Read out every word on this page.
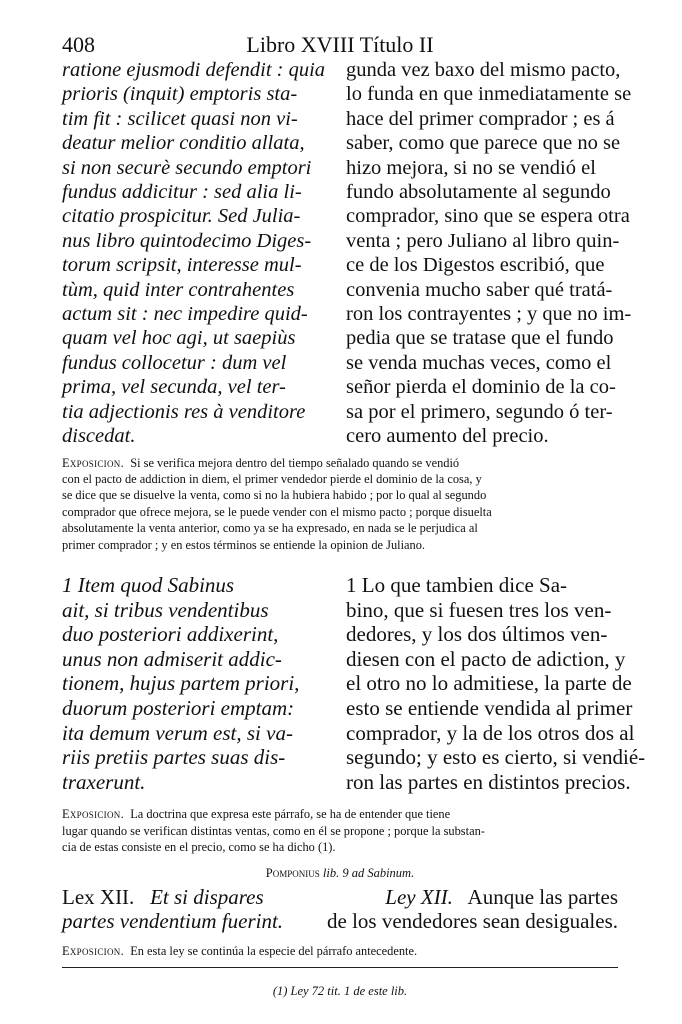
408	Libro XVIII Título II
ratione ejusmodi defendit : quia
prioris (inquit) emptoris sta-
tim fit : scilicet quasi non vi-
deatur melior conditio allata,
si non securè secundo emptori
fundus addicitur : sed alia li-
citatio prospicitur. Sed Julia-
nus libro quintodecimo Diges-
torum scripsit, interesse mul-
tùm, quid inter contrahentes
actum sit : nec impedire quid-
quam vel hoc agi, ut saepiùs
fundus collocetur : dum vel
prima, vel secunda, vel ter-
tia adjectionis res à venditore
discedat.
gunda vez baxo del mismo pacto,
lo funda en que inmediatamente se
hace del primer comprador ; es á
saber, como que parece que no se
hizo mejora, si no se vendió el
fundo absolutamente al segundo
comprador, sino que se espera otra
venta ; pero Juliano al libro quin-
ce de los Digestos escribió, que
convenia mucho saber qué tratá-
ron los contrayentes ; y que no im-
pedia que se tratase que el fundo
se venda muchas veces, como el
señor pierda el dominio de la co-
sa por el primero, segundo ó ter-
cero aumento del precio.
Exposicion. Si se verifica mejora dentro del tiempo señalado quando se vendió
con el pacto de addiction in diem, el primer vendedor pierde el dominio de la cosa, y
se dice que se disuelve la venta, como si no la hubiera habido ; por lo qual al segundo
comprador que ofrece mejora, se le puede vender con el mismo pacto ; porque disuelta
absolutamente la venta anterior, como ya se ha expresado, en nada se le perjudica al
primer comprador ; y en estos términos se entiende la opinion de Juliano.
1 Item quod Sabinus
ait, si tribus vendentibus
duo posteriori addixerint,
unus non admiserit addic-
tionem, hujus partem priori,
duorum posteriori emptam:
ita demum verum est, si va-
riis pretiis partes suas dis-
traxerunt.
1 Lo que tambien dice Sa-
bino, que si fuesen tres los ven-
dedores, y los dos últimos ven-
diesen con el pacto de adiction, y
el otro no lo admitiese, la parte de
esto se entiende vendida al primer
comprador, y la de los otros dos al
segundo; y esto es cierto, si vendié-
ron las partes en distintos precios.
Exposicion. La doctrina que expresa este párrafo, se ha de entender que tiene
lugar quando se verifican distintas ventas, como en él se propone ; porque la substan-
cia de estas consiste en el precio, como se ha dicho (1).
Pomponius lib. 9 ad Sabinum.
Lex XII. Et si dispares
partes vendentium fuerint.
Ley XII. Aunque las partes
de los vendedores sean desiguales.
Exposicion. En esta ley se continúa la especie del párrafo antecedente.
(1) Ley 72 tit. 1 de este lib.
